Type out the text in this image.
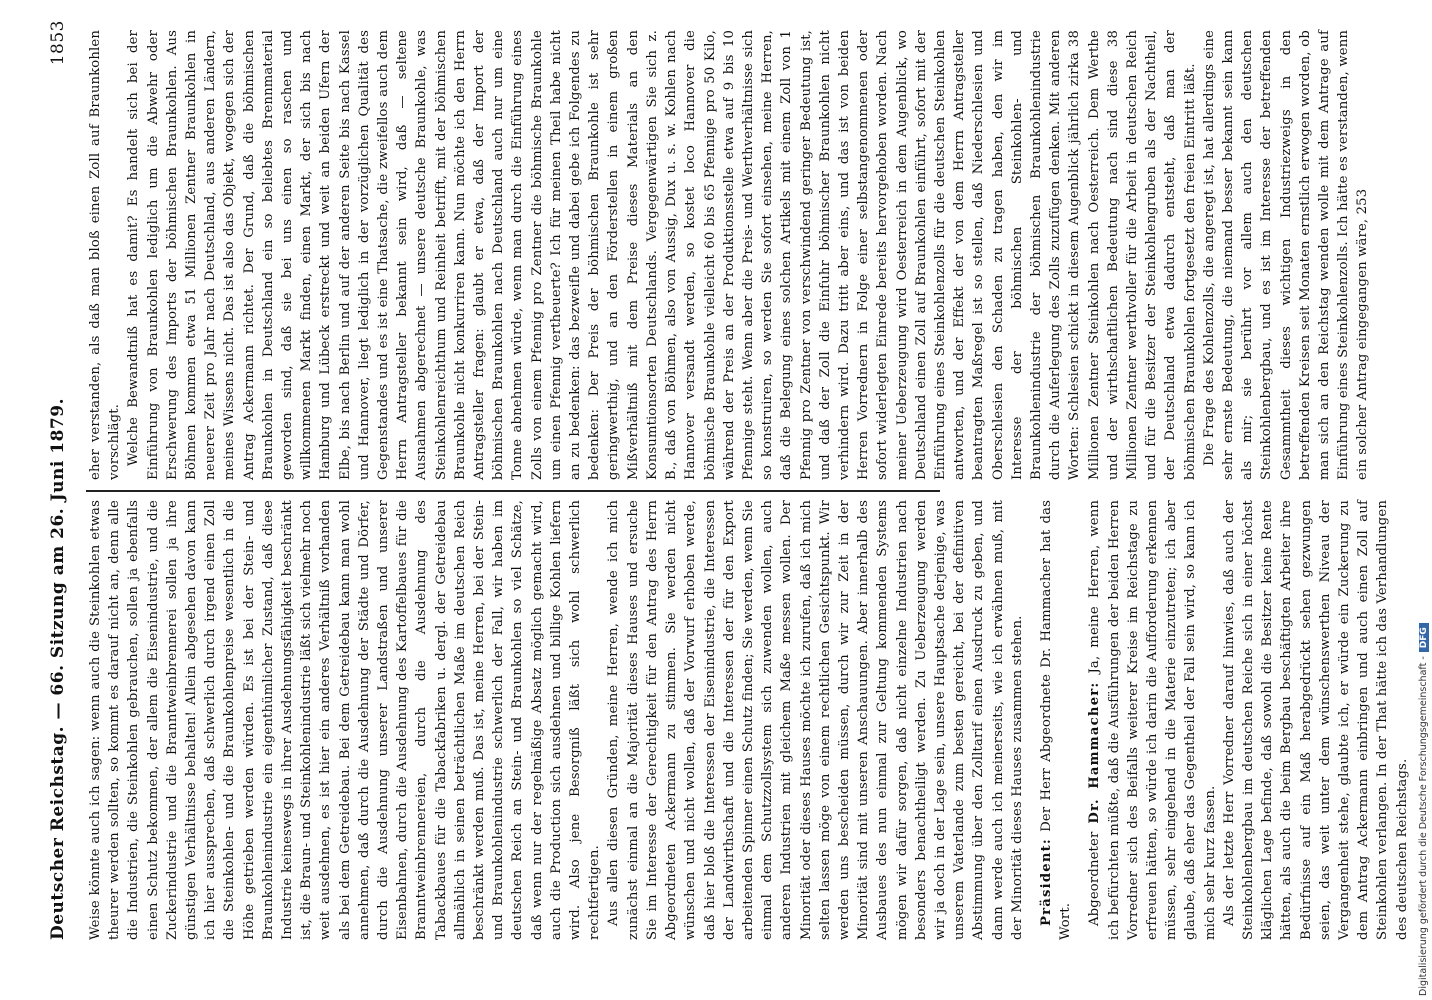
Deutscher Reichstag. — 66. Sitzung am 26. Juni 1879.
1853

Weise könnte auch ich sagen: wenn auch die Steinkohlen etwas theurer werden sollten, so kommt es darauf nicht an, denn alle die Industrien, die Steinkohlen gebrauchen, sollen ja ebenfalls einen Schutz bekommen, der allem die Eisenindustrie, und die Zuckerindustrie und die Branntweinbrennerei sollen ja ihre günstigen Verhältnisse behalten! Allein abgesehen davon kann ich hier aussprechen, daß schwerlich durch irgend einen Zoll die Steinkohlen- und die Braunkohlenpreise wesentlich in die Höhe getrieben werden würden. Es ist bei der Stein- und Braunkohlenindustrie ein eigenthümlicher Zustand, daß diese Industrie keineswegs in ihrer Ausdehnungsfähigkeit beschränkt ist, die Braun- und Steinkohlenindustrie läßt sich vielmehr noch weit ausdehnen, es ist hier ein anderes Verhältniß vorhanden als bei dem Getreidebau. Bei dem Getreidebau kann man wohl annehmen, daß durch die Ausdehnung der Städte und Dörfer, durch die Ausdehnung unserer Landstraßen und unserer Eisenbahnen, durch die Ausdehnung des Kartoffelbaues für die Branntweinbrennereien, durch die Ausdehnung des Tabackbaues für die Tabackfabriken u. dergl. der Getreidebau allmählich in seinen beträchtlichen Maße im deutschen Reich beschränkt werden muß. Das ist, meine Herren, bei der Stein- und Braunkohlenindustrie schwerlich der Fall, wir haben im deutschen Reich an Stein- und Braunkohlen so viel Schätze, daß wenn nur der regelmäßige Absatz möglich gemacht wird, auch die Production sich ausdehnen und billige Kohlen liefern wird. Also jene Besorgniß läßt sich wohl schwerlich rechtfertigen. Aus allen diesen Gründen, meine Herren, wende ich mich zunächst einmal an die Majorität dieses Hauses und ersuche Sie im Interesse der Gerechtigkeit für den Antrag des Herrn Abgeordneten Ackermann zu stimmen. Sie werden nicht wünschen und nicht wollen, daß der Vorwurf erhoben werde, daß hier bloß die Interessen der Eisenindustrie, die Interessen der Landwirthschaft und die Interessen der für den Export arbeitenden Spinner einen Schutz finden; Sie werden, wenn Sie einmal dem Schutzzollsystem sich zuwenden wollen, auch anderen Industrien mit gleichem Maße messen wollen. Der Minorität oder dieses Hauses möchte ich zurufen, daß ich mich selten lassen möge von einem rechtlichen Gesichtspunkt. Wir werden uns bescheiden müssen, durch wir zur Zeit in der Minorität sind mit unseren Anschauungen. Aber innerhalb des Ausbaues des nun einmal zur Geltung kommenden Systems mögen wir dafür sorgen, daß nicht einzelne Industrien nach besonders benachtheiligt werden. Zu Ueberzeugung werden wir ja doch in der Lage sein, unsere Hauptsache derjenige, was unserem Vaterlande zum besten gereicht, bei der definitiven Abstimmung über den Zolltarif einen Ausdruck zu geben, und dann werde auch ich meinerseits, wie ich erwähnen muß, mit der Minorität dieses Hauses zusammen stehen. Präsident: Der Herr Abgeordnete Dr. Hammacher hat das Wort. Abgeordneter Dr. Hammacher: Ja, meine Herren, wenn ich befürchten müßte, daß die Ausführungen der beiden Herren Vorredner sich des Beifalls weiterer Kreise im Reichstage zu erfreuen hätten, so würde ich darin die Aufforderung erkennen müssen, sehr eingehend in die Materie einzutreten; ich aber glaube, daß eher das Gegentheil der Fall sein wird, so kann ich mich sehr kurz fassen. Als der letzte Herr Vorredner darauf hinwies, daß auch der Steinkohlenbergbau im deutschen Reiche sich in einer höchst kläglichen Lage befinde, daß sowohl die Besitzer keine Rente hätten, als auch die beim Bergbau beschäftigten Arbeiter ihre Bedürfnisse auf ein Maß herabgedrückt sehen gezwungen seien, das weit unter dem wünschenswerthen Niveau der Vergangenheit stehe, glaubte ich, er würde ein Zuckerung zu dem Antrag Ackermann einbringen und auch einen Zoll auf Steinkohlen verlangen. In der That hätte ich das Verhandlungen des deutschen Reichstags.

eher verstanden, als daß man bloß einen Zoll auf Braunkohlen vorschlägt. Welche Bewandtniß hat es damit? Es handelt sich bei der Einführung von Braunkohlen lediglich um die Abwehr oder Erschwerung des Imports der böhmischen Braunkohlen. Aus Böhmen kommen etwa 51 Millionen Zentner Braunkohlen in neuerer Zeit pro Jahr nach Deutschland, aus anderen Ländern, meines Wissens nicht. Das ist also das Objekt, wogegen sich der Antrag Ackermann richtet. Der Grund, daß die böhmischen Braunkohlen in Deutschland ein so beliebtes Brennmaterial geworden sind, daß sie bei uns einen so raschen und willkommenen Markt finden, einen Markt, der sich bis nach Hamburg und Lübeck erstreckt und weit an beiden Ufern der Elbe, bis nach Berlin und auf der anderen Seite bis nach Kassel und Hannover, liegt lediglich in der vorzüglichen Qualität des Gegenstandes und es ist eine Thatsache, die zweifellos auch dem Herrn Antragsteller bekannt sein wird, daß — seltene Ausnahmen abgerechnet — unsere deutsche Braunkohle, was Steinkohlenreichthum und Reinheit betrifft, mit der böhmischen Braunkohle nicht konkurriren kann. Nun möchte ich den Herrn Antragsteller fragen: glaubt er etwa, daß der Import der böhmischen Braunkohlen nach Deutschland auch nur um eine Tonne abnehmen würde, wenn man durch die Einführung eines Zolls von einem Pfennig pro Zentner die böhmische Braunkohle um einen Pfennig vertheuerte? Ich für meinen Theil habe nicht an zu bedenken: das bezweifle und dabei gebe ich Folgendes zu bedenken: Der Preis der böhmischen Braunkohle ist sehr geringwerthig, und an den Förderstellen in einem großen Mißverhältniß mit dem Preise dieses Materials an den Konsumtionsorten Deutschlands. Vergegenwärtigen Sie sich z. B., daß von Böhmen, also von Aussig, Dux u. s. w. Kohlen nach Hannover versandt werden, so kostet loco Hannover die böhmische Braunkohle vielleicht 60 bis 65 Pfennige pro 50 Kilo, während der Preis an der Produktionsstelle etwa auf 9 bis 10 Pfennige steht. Wenn aber die Preis- und Werthverhältnisse sich so konstruiren, so werden Sie sofort einsehen, meine Herren, daß die Belegung eines solchen Artikels mit einem Zoll von 1 Pfennig pro Zentner von verschwindend geringer Bedeutung ist, und daß der Zoll die Einfuhr böhmischer Braunkohlen nicht verhindern wird. Dazu tritt aber eins, und das ist von beiden Herren Vorrednern in Folge einer selbstangenommenen oder sofort widerlegten Einrede bereits hervorgehoben worden. Nach meiner Ueberzeugung wird Oesterreich in dem Augenblick, wo Deutschland einen Zoll auf Braunkohlen einführt, sofort mit der Einführung eines Steinkohlenzolls für die deutschen Steinkohlen antworten, und der Effekt der von dem Herrn Antragsteller beantragten Maßregel ist so stellen, daß Niederschlesien und Oberschlesien den Schaden zu tragen haben, den wir im Interesse der böhmischen Steinkohlen- und Braunkohlenindustrie der böhmischen Braunkohlenindustrie durch die Auferlegung des Zolls zuzufügen denken. Mit anderen Worten: Schlesien schickt in diesem Augenblick jährlich zirka 38 Millionen Zentner Steinkohlen nach Oesterreich. Dem Werthe und der wirthschaftlichen Bedeutung nach sind diese 38 Millionen Zentner werthvoller für die Arbeit in deutschen Reich und für die Besitzer der Steinkohlengruben als der Nachtheil, der Deutschland etwa dadurch entsteht, daß man der böhmischen Braunkohlen fortgesetzt den freien Eintritt läßt. Die Frage des Kohlenzolls, die angeregt ist, hat allerdings eine sehr ernste Bedeutung, die niemand besser bekannt sein kann als mir; sie berührt vor allem auch den deutschen Steinkohlenbergbau, und es ist im Interesse der betreffenden Gesammtheit dieses wichtigen Industriezweigs in den betreffenden Kreisen seit Monaten ernstlich erwogen worden, ob man sich an den Reichstag wenden wolle mit dem Antrage auf Einführung eines Steinkohlenzolls. Ich hätte es verstanden, wenn ein solcher Antrag eingegangen wäre, 253

Digitalisierung gefördert durch die Deutsche Forschungsgemeinschaft -DFG
